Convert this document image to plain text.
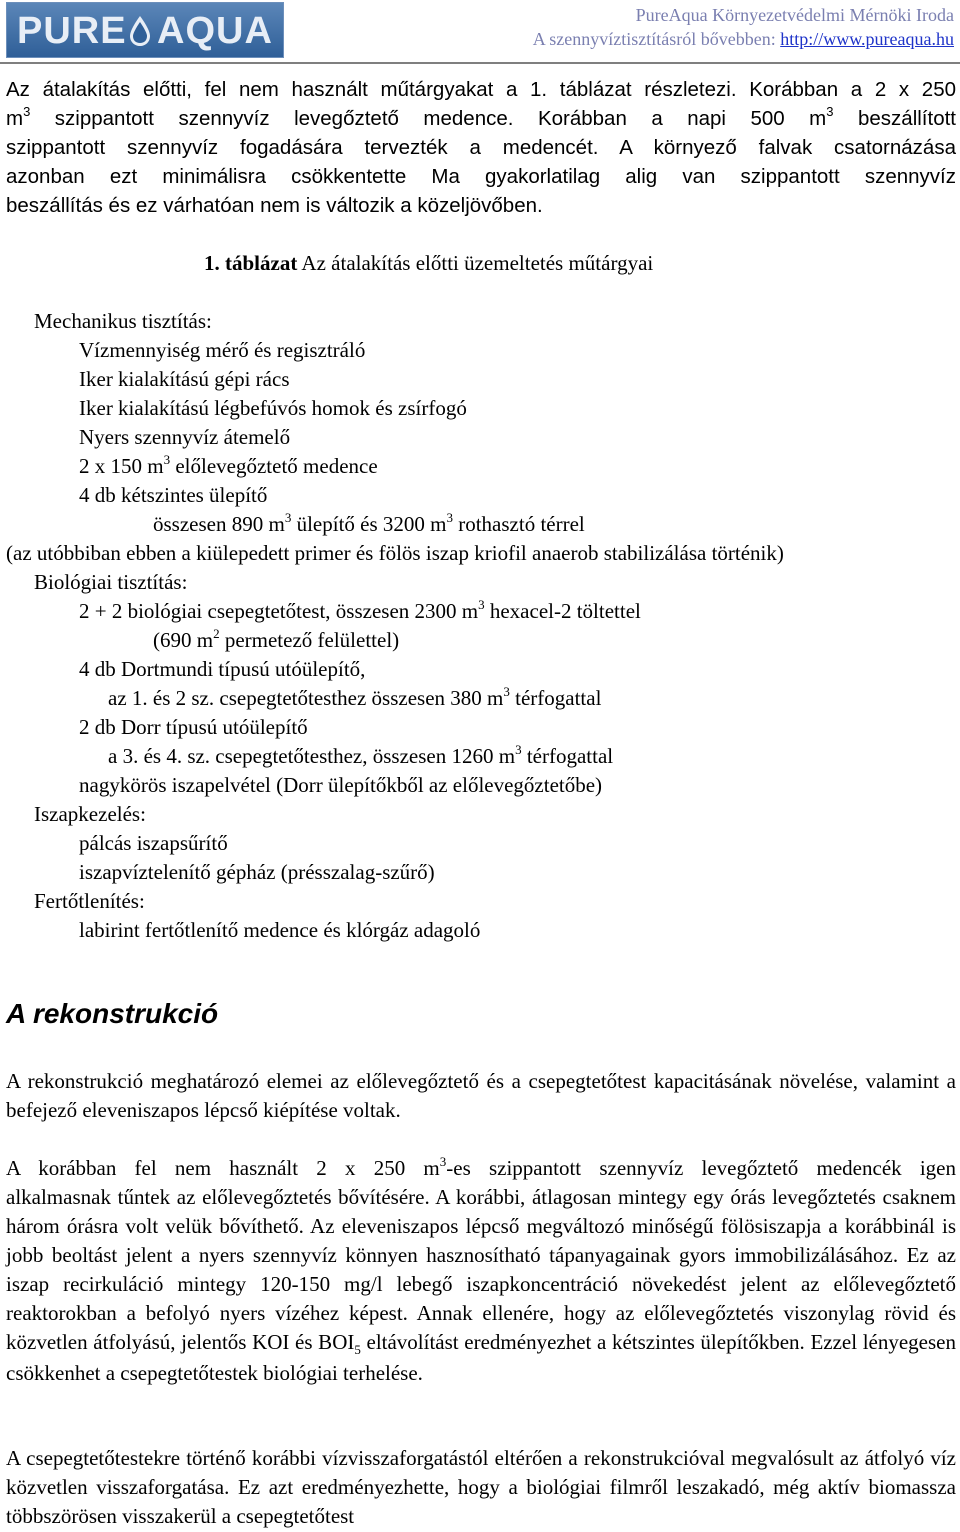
PURE AQUA	PureAqua Környezetvédelmi Mérnöki Iroda
A szennyvíztisztításról bővebben: http://www.pureaqua.hu
Az átalakítás előtti, fel nem használt műtárgyakat a 1. táblázat részletezi. Korábban a 2 x 250
$m^3$ szippantott szennyvíz levegőztető medence. Korábban a napi 500 $m^3$ beszállított
szippantott szennyvíz fogadására tervezték a medencét. A környező falvak csatornázása
azonban ezt minimálisra csökkentette Ma gyakorlatilag alig van szippantott szennyvíz
beszállítás és ez várhatóan nem is változik a közeljövőben.
1. táblázat Az átalakítás előtti üzemeltetés műtárgyai
Mechanikus tisztítás:
Vízmennyiség mérő és regisztráló
Iker kialakítású gépi rács
Iker kialakítású légbefúvós homok és zsírfogó
Nyers szennyvíz átemelő
2 x 150 $m^3$ előlevegőztető medence
4 db kétszintes ülepítő
összesen 890 $m^3$ ülepítő és 3200 $m^3$ rothasztó térrel
(az utóbbiban ebben a kiülepedett primer és fölös iszap kriofil anaerob stabilizálása történik)
Biológiai tisztítás:
2 + 2 biológiai csepegtetőtest, összesen 2300 $m^3$ hexacel-2 töltettel
(690 $m^2$ permetező felülettel)
4 db Dortmundi típusú utóülepítő,
az 1. és 2 sz. csepegtetőtesthez összesen 380 $m^3$ térfogattal
2 db Dorr típusú utóülepítő
a 3. és 4. sz. csepegtetőtesthez, összesen 1260 $m^3$ térfogattal
nagykörös iszapelvétel (Dorr ülepítőkből az előlevegőztetőbe)
Iszapkezelés:
pálcás iszapsűrítő
iszapvíztelenítő gépház (présszalag-szűrő)
Fertőtlenítés:
labirint fertőtlenítő medence és klórgáz adagoló
A rekonstrukció
A rekonstrukció meghatározó elemei az előlevegőztető és a csepegtetőtest kapacitásának növelése, valamint a befejező eleveniszapos lépcső kiépítése voltak.
A korábban fel nem használt 2 x 250 $m^3-es$ szippantott szennyvíz levegőztető medencék igen
alkalmasnak tűntek az előlevegőztetés bővítésére. A korábbi, átlagosan mintegy egy órás levegőztetés csaknem három órásra volt velük bővíthető. Az eleveniszapos lépcső megváltozó minőségű fölösiszapja a korábbinál is jobb beoltást jelent a nyers szennyvíz könnyen hasznosítható tápanyagainak gyors immobilizálásához. Ez az iszap recirkuláció mintegy 120-150 mg/l lebegő iszapkoncentráció növekedést jelent az előlevegőztető reaktorokban a befolyó nyers vízéhez képest. Annak ellenére, hogy az előlevegőztetés viszonylag rövid és közvetlen átfolyású, jelentős KOI és $BOI_5$ eltávolítást eredményezhet a kétszintes ülepítőkben. Ezzel lényegesen csökkenhet a csepegtetőtestek biológiai terhelése.
A csepegtetőtestekre történő korábbi vízvisszaforgatástól eltérően a rekonstrukcióval megvalósult az átfolyó víz közvetlen visszaforgatása. Ez azt eredményezhette, hogy a biológiai filmről leszakadó, még aktív biomassza többszörösen visszakerül a csepegtetőtest
